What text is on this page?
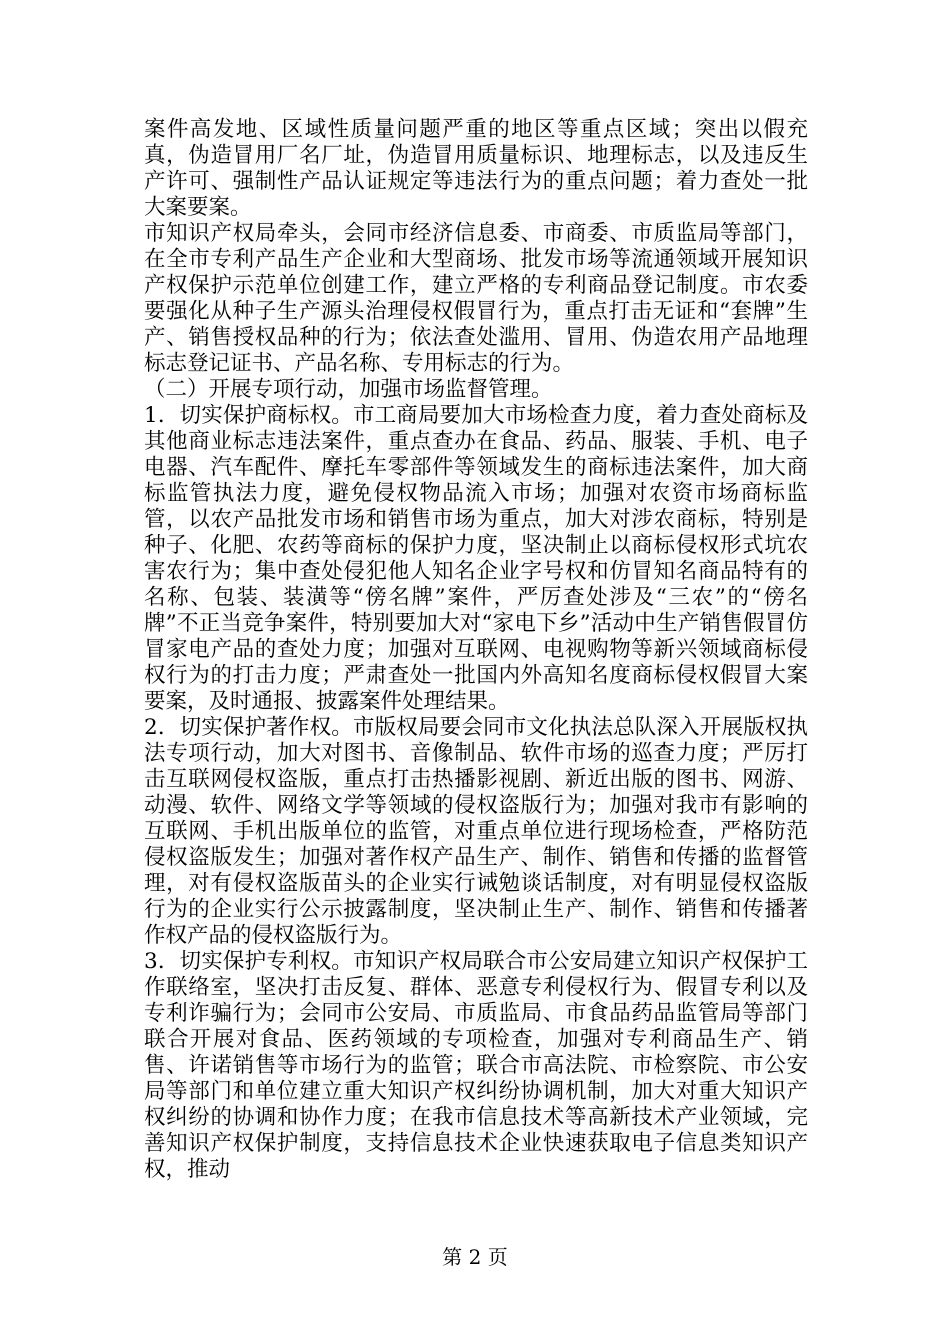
案件高发地、区域性质量问题严重的地区等重点区域；突出以假充真，伪造冒用厂名厂址，伪造冒用质量标识、地理标志，以及违反生产许可、强制性产品认证规定等违法行为的重点问题；着力查处一批大案要案。

市知识产权局牵头，会同市经济信息委、市商委、市质监局等部门，在全市专利产品生产企业和大型商场、批发市场等流通领域开展知识产权保护示范单位创建工作，建立严格的专利商品登记制度。市农委要强化从种子生产源头治理侵权假冒行为，重点打击无证和“套牌”生产、销售授权品种的行为；依法查处滥用、冒用、伪造农用产品地理标志登记证书、产品名称、专用标志的行为。

（二）开展专项行动，加强市场监督管理。

1．切实保护商标权。市工商局要加大市场检查力度，着力查处商标及其他商业标志违法案件，重点查办在食品、药品、服装、手机、电子电器、汽车配件、摩托车零部件等领域发生的商标违法案件，加大商标监管执法力度，避免侵权物品流入市场；加强对农资市场商标监管，以农产品批发市场和销售市场为重点，加大对涉农商标，特别是种子、化肥、农药等商标的保护力度，坚决制止以商标侵权形式坑农害农行为；集中查处侵犯他人知名企业字号权和仿冒知名商品特有的名称、包装、装潢等“傍名牌”案件，严厉查处涉及“三农”的“傍名牌”不正当竞争案件，特别要加大对“家电下乡”活动中生产销售假冒仿冒家电产品的查处力度；加强对互联网、电视购物等新兴领域商标侵权行为的打击力度；严肃查处一批国内外高知名度商标侵权假冒大案要案，及时通报、披露案件处理结果。

2．切实保护著作权。市版权局要会同市文化执法总队深入开展版权执法专项行动，加大对图书、音像制品、软件市场的巡查力度；严厉打击互联网侵权盗版，重点打击热播影视剧、新近出版的图书、网游、动漫、软件、网络文学等领域的侵权盗版行为；加强对我市有影响的互联网、手机出版单位的监管，对重点单位进行现场检查，严格防范侵权盗版发生；加强对著作权产品生产、制作、销售和传播的监督管理，对有侵权盗版苗头的企业实行诫勉谈话制度，对有明显侵权盗版行为的企业实行公示披露制度，坚决制止生产、制作、销售和传播著作权产品的侵权盗版行为。

3．切实保护专利权。市知识产权局联合市公安局建立知识产权保护工作联络室，坚决打击反复、群体、恶意专利侵权行为、假冒专利以及专利诈骗行为；会同市公安局、市质监局、市食品药品监管局等部门联合开展对食品、医药领域的专项检查，加强对专利商品生产、销售、许诺销售等市场行为的监管；联合市高法院、市检察院、市公安局等部门和单位建立重大知识产权纠纷协调机制，加大对重大知识产权纠纷的协调和协作力度；在我市信息技术等高新技术产业领域，完善知识产权保护制度，支持信息技术企业快速获取电子信息类知识产权，推动

第 2 页
